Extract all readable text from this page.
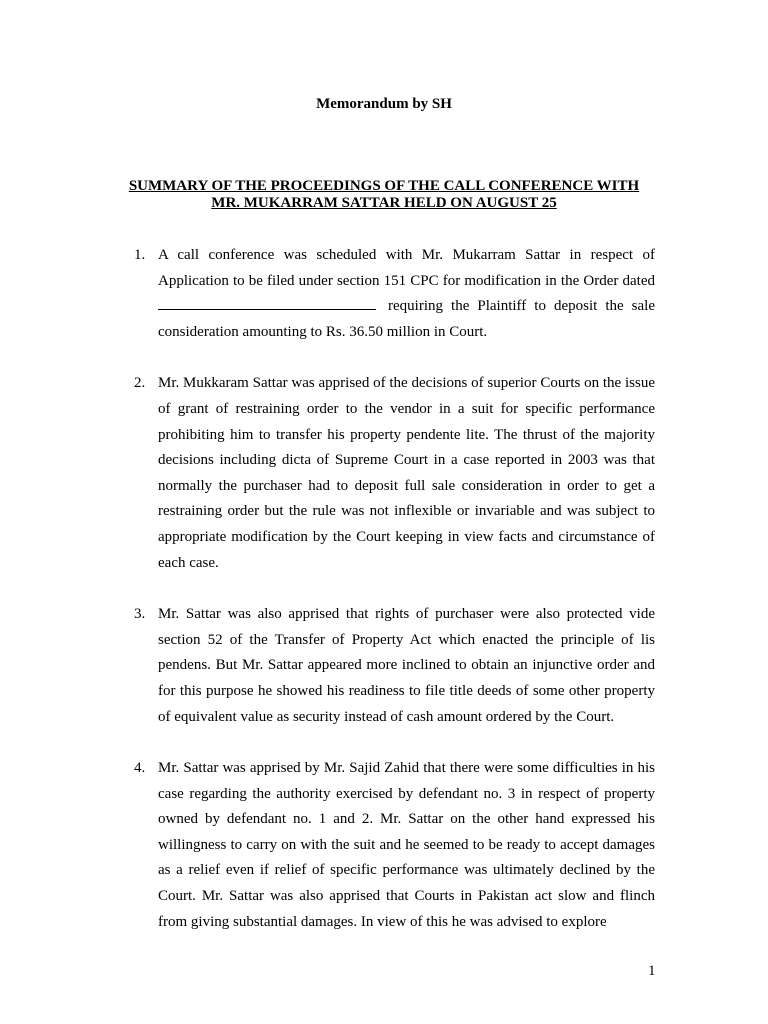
Memorandum by SH
SUMMARY OF THE PROCEEDINGS OF THE CALL CONFERENCE WITH
MR. MUKARRAM SATTAR HELD ON AUGUST 25
1. A call conference was scheduled with Mr. Mukarram Sattar in respect of Application to be filed under section 151 CPC for modification in the Order dated  requiring the Plaintiff to deposit the sale consideration amounting to Rs. 36.50 million in Court.
2. Mr. Mukkaram Sattar was apprised of the decisions of superior Courts on the issue of grant of restraining order to the vendor in a suit for specific performance prohibiting him to transfer his property pendente lite. The thrust of the majority decisions including dicta of Supreme Court in a case reported in 2003 was that normally the purchaser had to deposit full sale consideration in order to get a restraining order but the rule was not inflexible or invariable and was subject to appropriate modification by the Court keeping in view facts and circumstance of each case.
3. Mr. Sattar was also apprised that rights of purchaser were also protected vide section 52 of the Transfer of Property Act which enacted the principle of lis pendens. But Mr. Sattar appeared more inclined to obtain an injunctive order and for this purpose he showed his readiness to file title deeds of some other property of equivalent value as security instead of cash amount ordered by the Court.
4. Mr. Sattar was apprised by Mr. Sajid Zahid that there were some difficulties in his case regarding the authority exercised by defendant no. 3 in respect of property owned by defendant no. 1 and 2. Mr. Sattar on the other hand expressed his willingness to carry on with the suit and he seemed to be ready to accept damages as a relief even if relief of specific performance was ultimately declined by the Court. Mr. Sattar was also apprised that Courts in Pakistan act slow and flinch from giving substantial damages. In view of this he was advised to explore
1
